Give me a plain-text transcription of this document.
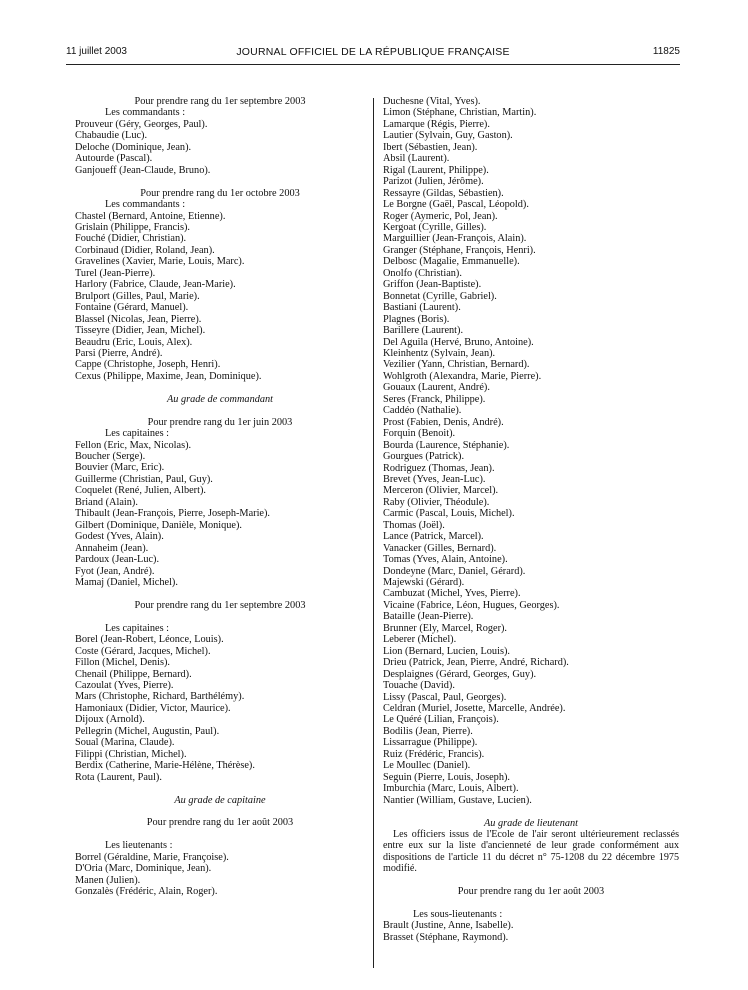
11 juillet 2003	JOURNAL OFFICIEL DE LA RÉPUBLIQUE FRANÇAISE	11825
Pour prendre rang du 1er septembre 2003
Les commandants :
Prouveur (Géry, Georges, Paul).
Chabaudie (Luc).
Deloche (Dominique, Jean).
Autourde (Pascal).
Ganjoueff (Jean-Claude, Bruno).
Pour prendre rang du 1er octobre 2003
Les commandants :
Chastel (Bernard, Antoine, Etienne).
Grislain (Philippe, Francis).
Fouché (Didier, Christian).
Corbinaud (Didier, Roland, Jean).
Gravelines (Xavier, Marie, Louis, Marc).
Turel (Jean-Pierre).
Harlory (Fabrice, Claude, Jean-Marie).
Brulport (Gilles, Paul, Marie).
Fontaine (Gérard, Manuel).
Blassel (Nicolas, Jean, Pierre).
Tisseyre (Didier, Jean, Michel).
Beaudru (Eric, Louis, Alex).
Parsi (Pierre, André).
Cappe (Christophe, Joseph, Henri).
Cexus (Philippe, Maxime, Jean, Dominique).
Au grade de commandant
Pour prendre rang du 1er juin 2003
Les capitaines :
Fellon (Eric, Max, Nicolas).
Boucher (Serge).
Bouvier (Marc, Eric).
Guillerme (Christian, Paul, Guy).
Coquelet (René, Julien, Albert).
Briand (Alain).
Thibault (Jean-François, Pierre, Joseph-Marie).
Gilbert (Dominique, Danièle, Monique).
Godest (Yves, Alain).
Annaheim (Jean).
Pardoux (Jean-Luc).
Fyot (Jean, André).
Mamaj (Daniel, Michel).
Pour prendre rang du 1er septembre 2003
Les capitaines :
Borel (Jean-Robert, Léonce, Louis).
Coste (Gérard, Jacques, Michel).
Fillon (Michel, Denis).
Chenail (Philippe, Bernard).
Cazoulat (Yves, Pierre).
Mars (Christophe, Richard, Barthélémy).
Hamoniaux (Didier, Victor, Maurice).
Dijoux (Arnold).
Pellegrin (Michel, Augustin, Paul).
Soual (Marina, Claude).
Filippi (Christian, Michel).
Berdix (Catherine, Marie-Hélène, Thérèse).
Rota (Laurent, Paul).
Au grade de capitaine
Pour prendre rang du 1er août 2003
Les lieutenants :
Borrel (Géraldine, Marie, Françoise).
D'Oria (Marc, Dominique, Jean).
Manen (Julien).
Gonzalès (Frédéric, Alain, Roger).
Duchesne (Vital, Yves).
Limon (Stéphane, Christian, Martin).
Lamarque (Régis, Pierre).
Lautier (Sylvain, Guy, Gaston).
Ibert (Sébastien, Jean).
Absil (Laurent).
Rigal (Laurent, Philippe).
Parizot (Julien, Jérôme).
Ressayre (Gildas, Sébastien).
Le Borgne (Gaël, Pascal, Léopold).
Roger (Aymeric, Pol, Jean).
Kergoat (Cyrille, Gilles).
Marguillier (Jean-François, Alain).
Granger (Stéphane, François, Henri).
Delbosc (Magalie, Emmanuelle).
Onolfo (Christian).
Griffon (Jean-Baptiste).
Bonnetat (Cyrille, Gabriel).
Bastiani (Laurent).
Plagnes (Boris).
Barillere (Laurent).
Del Aguila (Hervé, Bruno, Antoine).
Kleinhentz (Sylvain, Jean).
Vezilier (Yann, Christian, Bernard).
Wohlgroth (Alexandra, Marie, Pierre).
Gouaux (Laurent, André).
Seres (Franck, Philippe).
Caddéo (Nathalie).
Prost (Fabien, Denis, André).
Forquin (Benoit).
Bourda (Laurence, Stéphanie).
Gourgues (Patrick).
Rodriguez (Thomas, Jean).
Brevet (Yves, Jean-Luc).
Merceron (Olivier, Marcel).
Raby (Olivier, Théodule).
Carmic (Pascal, Louis, Michel).
Thomas (Joël).
Lance (Patrick, Marcel).
Vanacker (Gilles, Bernard).
Tomas (Yves, Alain, Antoine).
Dondeyne (Marc, Daniel, Gérard).
Majewski (Gérard).
Cambuzat (Michel, Yves, Pierre).
Vicaine (Fabrice, Léon, Hugues, Georges).
Bataille (Jean-Pierre).
Brunner (Ely, Marcel, Roger).
Leberer (Michel).
Lion (Bernard, Lucien, Louis).
Drieu (Patrick, Jean, Pierre, André, Richard).
Desplaignes (Gérard, Georges, Guy).
Touache (David).
Lissy (Pascal, Paul, Georges).
Celdran (Muriel, Josette, Marcelle, Andrée).
Le Quéré (Lilian, François).
Bodilis (Jean, Pierre).
Lissarrague (Philippe).
Ruiz (Frédéric, Francis).
Le Moullec (Daniel).
Seguin (Pierre, Louis, Joseph).
Imburchia (Marc, Louis, Albert).
Nantier (William, Gustave, Lucien).
Au grade de lieutenant
Les officiers issus de l'Ecole de l'air seront ultérieurement reclassés entre eux sur la liste d'ancienneté de leur grade conformément aux dispositions de l'article 11 du décret n° 75-1208 du 22 décembre 1975 modifié.
Pour prendre rang du 1er août 2003
Les sous-lieutenants :
Brault (Justine, Anne, Isabelle).
Brasset (Stéphane, Raymond).
